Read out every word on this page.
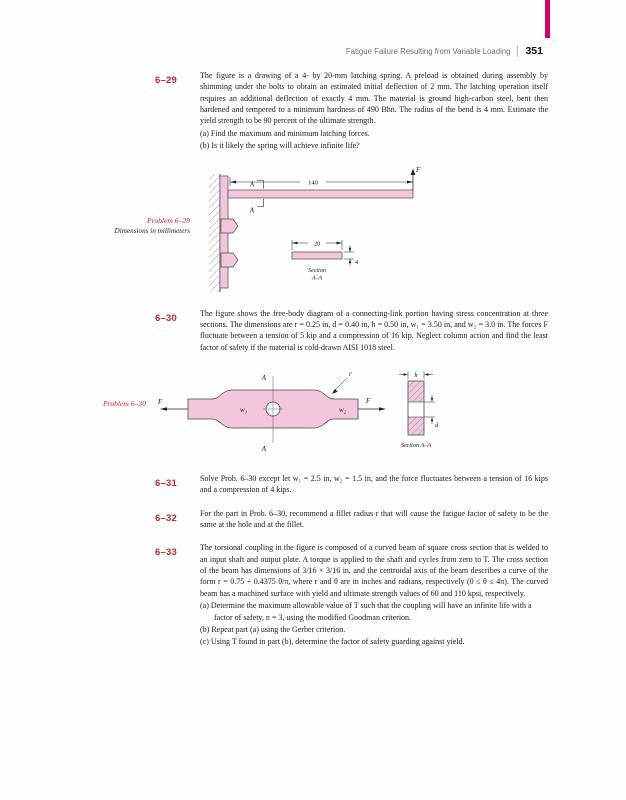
Fatigue Failure Resulting from Variable Loading 351
6–29	The figure is a drawing of a 4- by 20-mm latching spring. A preload is obtained during assembly by shimming under the bolts to obtain an estimated initial deflection of 2 mm. The latching operation itself requires an additional deflection of exactly 4 mm. The material is ground high-carbon steel, bent then hardened and tempered to a minimum hardness of 490 Bhn. The radius of the bend is 4 mm. Estimate the yield strength to be 90 percent of the ultimate strength.

(a) Find the maximum and minimum latching forces.

(b) Is it likely the spring will achieve infinite life?

Problem 6–29
Dimensions in millimeters
F
140
A
A
20
4
Section
A–A
6–30	The figure shows the free-body diagram of a connecting-link portion having stress concentration at three sections. The dimensions are r = 0.25 in, d = 0.40 in, h = 0.50 in, w₁ = 3.50 in, and w₂ = 3.0 in. The forces F fluctuate between a tension of 5 kip and a compression of 16 kip. Neglect column action and find the least factor of safety if the material is cold-drawn AISI 1018 steel.

Problem 6–30 F
A
A
r
w₁	w₂
F
h
d
Section A–A
6–31	Solve Prob. 6–30 except let w₁ = 2.5 in, w₂ = 1.5 in, and the force fluctuates between a tension of 16 kips and a compression of 4 kips.

6–32	For the part in Prob. 6–30, recommend a fillet radius r that will cause the fatigue factor of safety to be the same at the hole and at the fillet.

6–33	The torsional coupling in the figure is composed of a curved beam of square cross section that is welded to an input shaft and output plate. A torque is applied to the shaft and cycles from zero to T. The cross section of the beam has dimensions of 3/16 × 3/16 in, and the centroidal axis of the beam describes a curve of the form r = 0.75 + 0.4375 θ/π, where r and θ are in inches and radians, respectively (0 ≤ θ ≤ 4π). The curved beam has a machined surface with yield and ultimate strength values of 60 and 110 kpsi, respectively.

(a) Determine the maximum allowable value of T such that the coupling will have an infinite life with a factor of safety, n = 3, using the modified Goodman criterion.

(b) Repeat part (a) using the Gerber criterion.

(c) Using T found in part (b), determine the factor of safety guarding against yield.
